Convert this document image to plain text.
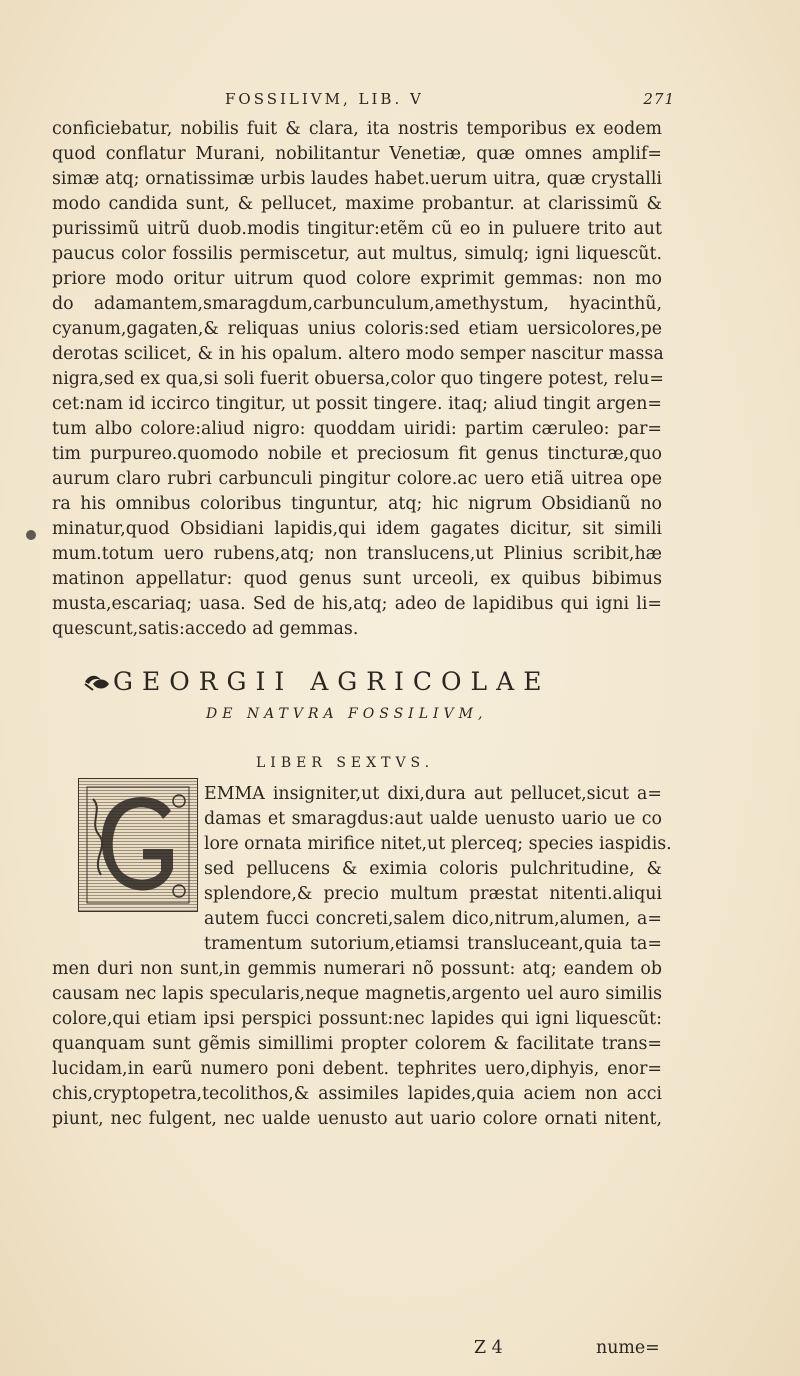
FOSSILIVM, LIB. V	271
conficiebatur, nobilis fuit & clara, ita nostris temporibus ex eodem
quod conflatur Murani, nobilitantur Venetiæ, quæ omnes amplif=
simæ atq; ornatissimæ urbis laudes habet.uerum uitra, quæ crystalli
modo candida sunt, & pellucet, maxime probantur. at clarissimũ &
purissimũ uitrũ duob.modis tingitur:etẽm cũ eo in puluere trito aut
paucus color fossilis permiscetur, aut multus, simulq; igni liquescũt.
priore modo oritur uitrum quod colore exprimit gemmas: non mo
do adamantem,smaragdum,carbunculum,amethystum, hyacinthũ,
cyanum,gagaten,& reliquas unius coloris:sed etiam uersicolores,pe
derotas scilicet, & in his opalum. altero modo semper nascitur massa
nigra,sed ex qua,si soli fuerit obuersa,color quo tingere potest, relu=
cet:nam id iccirco tingitur, ut possit tingere. itaq; aliud tingit argen=
tum albo colore:aliud nigro: quoddam uiridi: partim cæruleo: par=
tim purpureo.quomodo nobile et preciosum fit genus tincturæ,quo
aurum claro rubri carbunculi pingitur colore.ac uero etiã uitrea ope
ra his omnibus coloribus tinguntur, atq; hic nigrum Obsidianũ no
minatur,quod Obsidiani lapidis,qui idem gagates dicitur, sit simili
mum.totum uero rubens,atq; non translucens,ut Plinius scribit,hæ
matinon appellatur: quod genus sunt urceoli, ex quibus bibimus
musta,escariaq; uasa. Sed de his,atq; adeo de lapidibus qui igni li=
quescunt,satis:accedo ad gemmas.
GEORGII AGRICOLAE
DE NATVRA FOSSILIVM,
LIBER SEXTVS.
EMMA insigniter,ut dixi,dura aut pellucet,sicut a=
damas et smaragdus:aut ualde uenusto uario ue co
lore ornata mirifice nitet,ut plerceq; species iaspidis.
sed pellucens & eximia coloris pulchritudine, &
splendore,& precio multum præstat nitenti.aliqui
autem fucci concreti,salem dico,nitrum,alumen, a=
tramentum sutorium,etiamsi transluceant,quia ta=
men duri non sunt,in gemmis numerari nõ possunt: atq; eandem ob
causam nec lapis specularis,neque magnetis,argento uel auro similis
colore,qui etiam ipsi perspici possunt:nec lapides qui igni liquescũt:
quanquam sunt gẽmis simillimi propter colorem & facilitate trans=
lucidam,in earũ numero poni debent. tephrites uero,diphyis, enor=
chis,cryptopetra,tecolithos,& assimiles lapides,quia aciem non acci
piunt, nec fulgent, nec ualde uenusto aut uario colore ornati nitent,
Z 4	nume=
